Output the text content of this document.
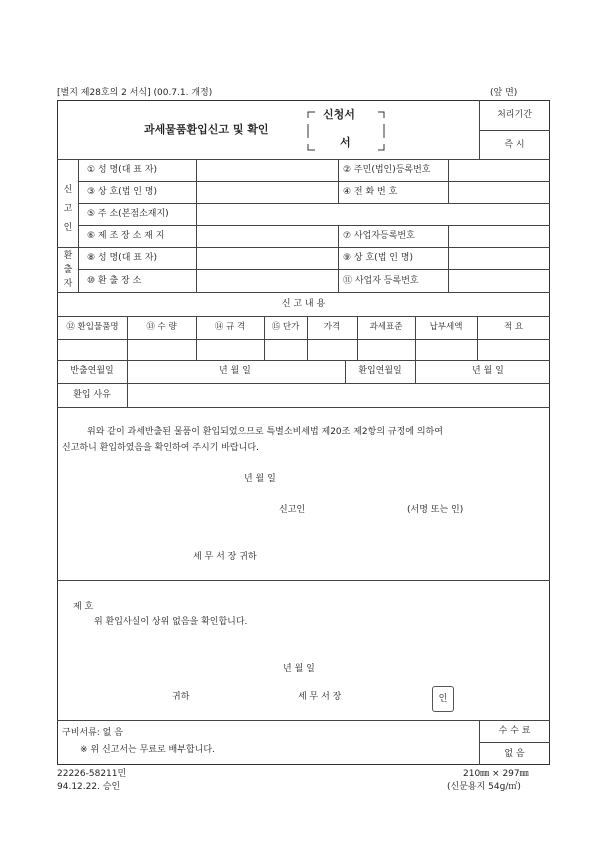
[별지 제28호의 2 서식] (00.7.1. 개정)	(앞 면)
과세물품환입신고 및 확인
신청서
서
처리기간
즉 시
신
고
인
① 성 명(대 표 자)	② 주민(법인)등록번호
③ 상 호(법 인 명)	④ 전 화 번 호
⑤ 주 소(본점소재지)
⑥ 제 조 장 소 재 지	⑦ 사업자등록번호
환
출
자
⑧ 성 명(대 표 자)	⑨ 상 호(법 인 명)
⑩ 환 출 장 소	⑪ 사업자 등록번호
신 고 내 용
⑫ 환입물품명	⑬ 수 량	⑭ 규 격	⑮ 단가	가격	과세표준	납부세액	적 요
반출연월일	년 월 일	환입연월일	년 월 일
환입 사유
위와 같이 과세반출된 물품이 환입되었으므로 특별소비세법 제20조 제2항의 규정에 의하여
신고하니 환입하였음을 확인하여 주시기 바랍니다.
년 월 일
신고인	(서명 또는 인)
세 무 서 장 귀하
제 호
위 환입사실이 상위 없음을 확인합니다.
년 월 일
귀하	세 무 서 장	인
구비서류: 없 음
※ 위 신고서는 무료로 배부합니다.
수 수 료
없 음
22226-58211민
94.12.22. 승인
210㎜ × 297㎜
(신문용지 54g/㎡)
